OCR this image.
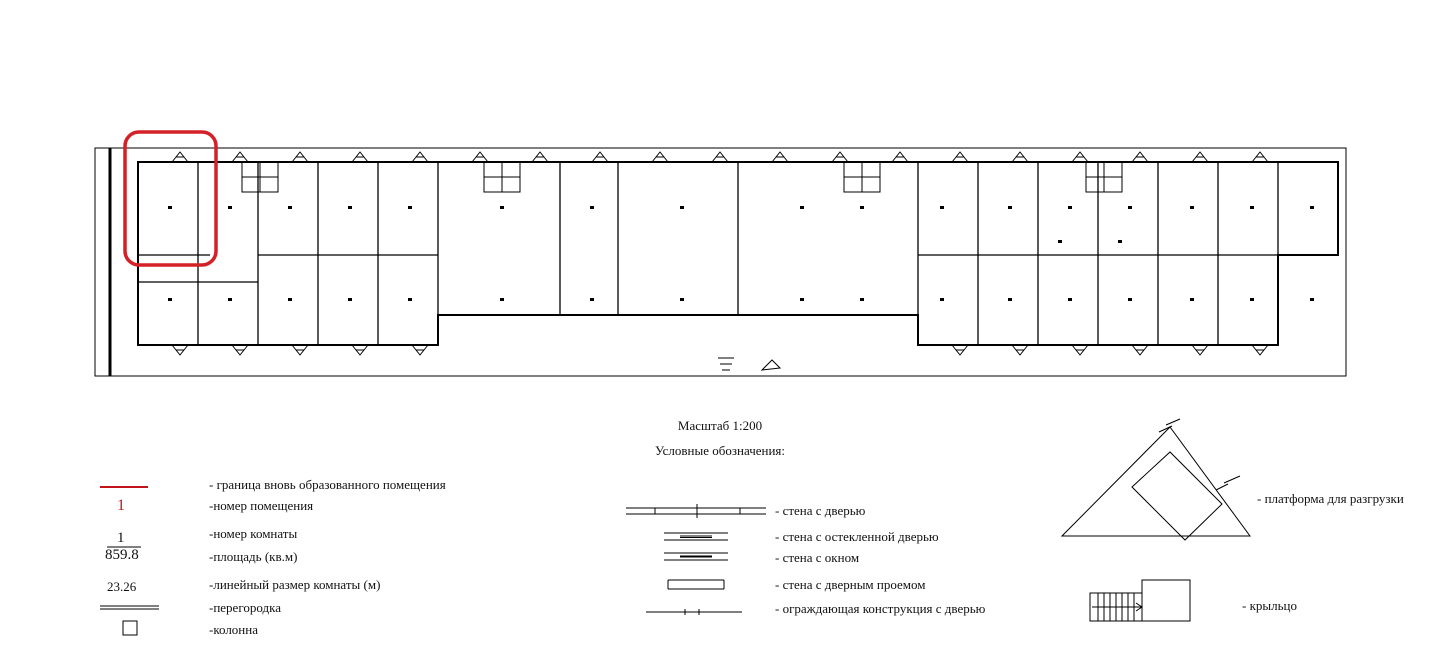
Масштаб 1:200
Условные обозначения:
1
1
859.8
23.26
- граница вновь образованного помещения
-номер помещения
-номер комнаты
-площадь (кв.м)
-линейный размер комнаты (м)
-перегородка
-колонна
- стена с дверью
- стена с остекленной дверью
- стена с окном
- стена с дверным проемом
- ограждающая конструкция с дверью
- платформа для разгрузки
- крыльцо
